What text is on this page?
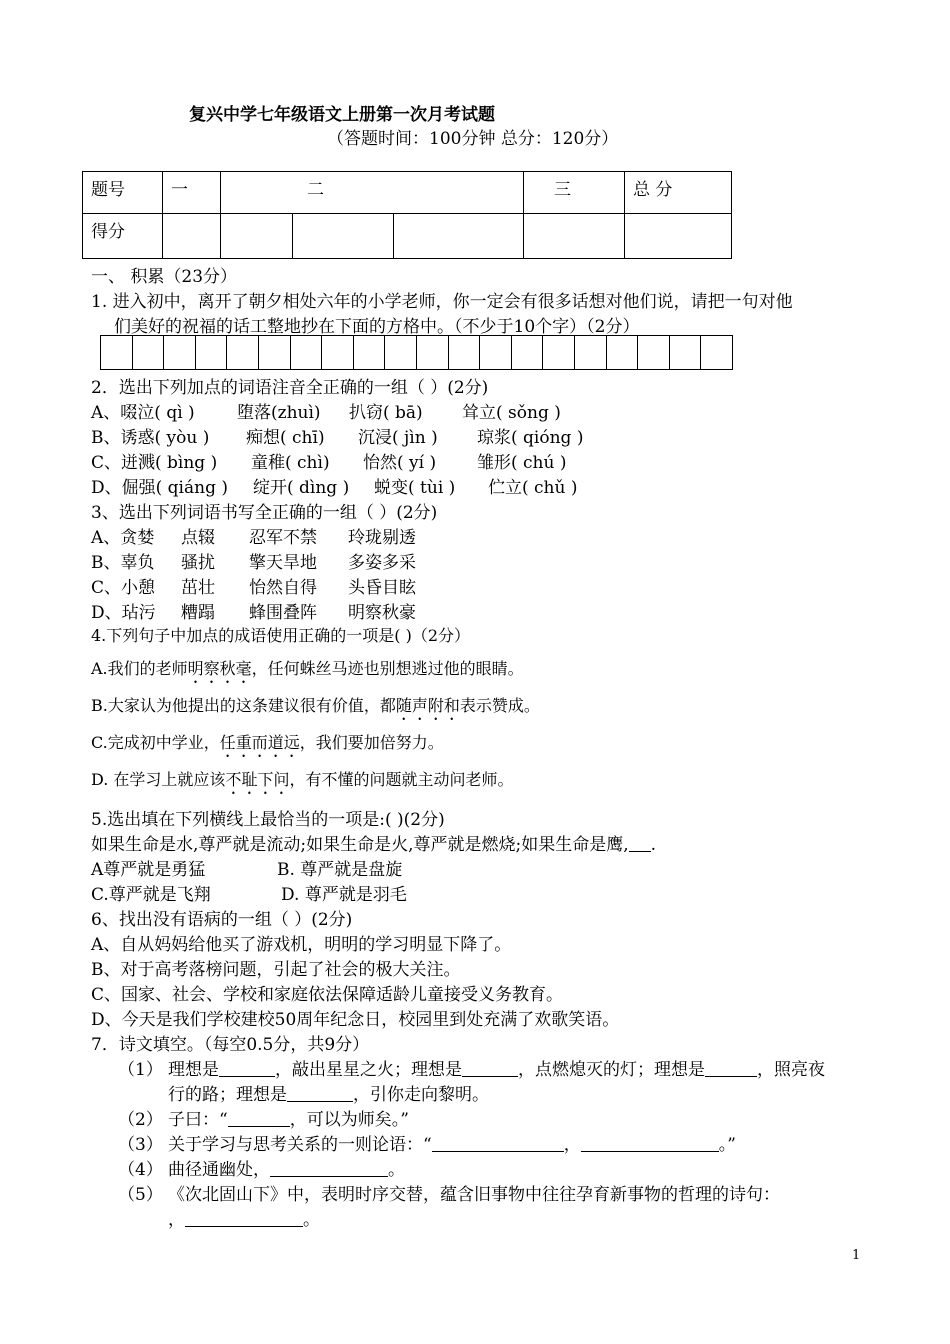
复兴中学七年级语文上册第一次月考试题
（答题时间：100分钟 总分：120分）
题号	一	二			三	总 分
得分						
一、 积累（23分）
1. 进入初中，离开了朝夕相处六年的小学老师，你一定会有很多话想对他们说，请把一句对他
们美好的祝福的话工整地抄在下面的方格中。（不少于10个字）（2分）
2．选出下列加点的词语注音全正确的一组（ ）(2分)
A、啜泣( qì ) 堕落(zhuì) 扒窃( bā) 耸立( sǒng )
B、诱惑( yòu ) 痴想( chī) 沉浸( jìn ) 琼浆( qióng )
C、迸溅( bìng ) 童稚( chì) 怡然( yí ) 雏形( chú )
D、倔强( qiáng ) 绽开( dìng ) 蜕变( tùi ) 伫立( chǔ )
3、选出下列词语书写全正确的一组（ ）(2分)
A、贪婪 点辍 忍军不禁 玲珑剔透
B、辜负 骚扰 擎天旱地 多姿多采
C、小憩 茁壮 怡然自得 头昏目眩
D、玷污 糟蹋 蜂围叠阵 明察秋豪
4.下列句子中加点的成语使用正确的一项是( )（2分）
A.我们的老师明察秋毫，任何蛛丝马迹也别想逃过他的眼睛。
B.大家认为他提出的这条建议很有价值，都随声附和表示赞成。
C.完成初中学业，任重而道远，我们要加倍努力。
D. 在学习上就应该不耻下问，有不懂的问题就主动问老师。
5.选出填在下列横线上最恰当的一项是:( )(2分)
如果生命是水,尊严就是流动;如果生命是火,尊严就是燃烧;如果生命是鹰, .
A尊严就是勇猛	B. 尊严就是盘旋
C.尊严就是飞翔	D. 尊严就是羽毛
6、找出没有语病的一组（ ）(2分)
A、自从妈妈给他买了游戏机，明明的学习明显下降了。
B、对于高考落榜问题，引起了社会的极大关注。
C、国家、社会、学校和家庭依法保障适龄儿童接受义务教育。
D、今天是我们学校建校50周年纪念日，校园里到处充满了欢歌笑语。
7．诗文填空。（每空0.5分，共9分）
（1） 理想是	，敲出星星之火；理想是	，点燃熄灭的灯；理想是	，照亮夜
行的路；理想是	，引你走向黎明。
（2） 子曰：“	，可以为师矣。”
（3） 关于学习与思考关系的一则论语：“	，	。”
（4） 曲径通幽处，	。
（5） 《次北固山下》中，表明时序交替，蕴含旧事物中往往孕育新事物的哲理的诗句：
，	。
1
